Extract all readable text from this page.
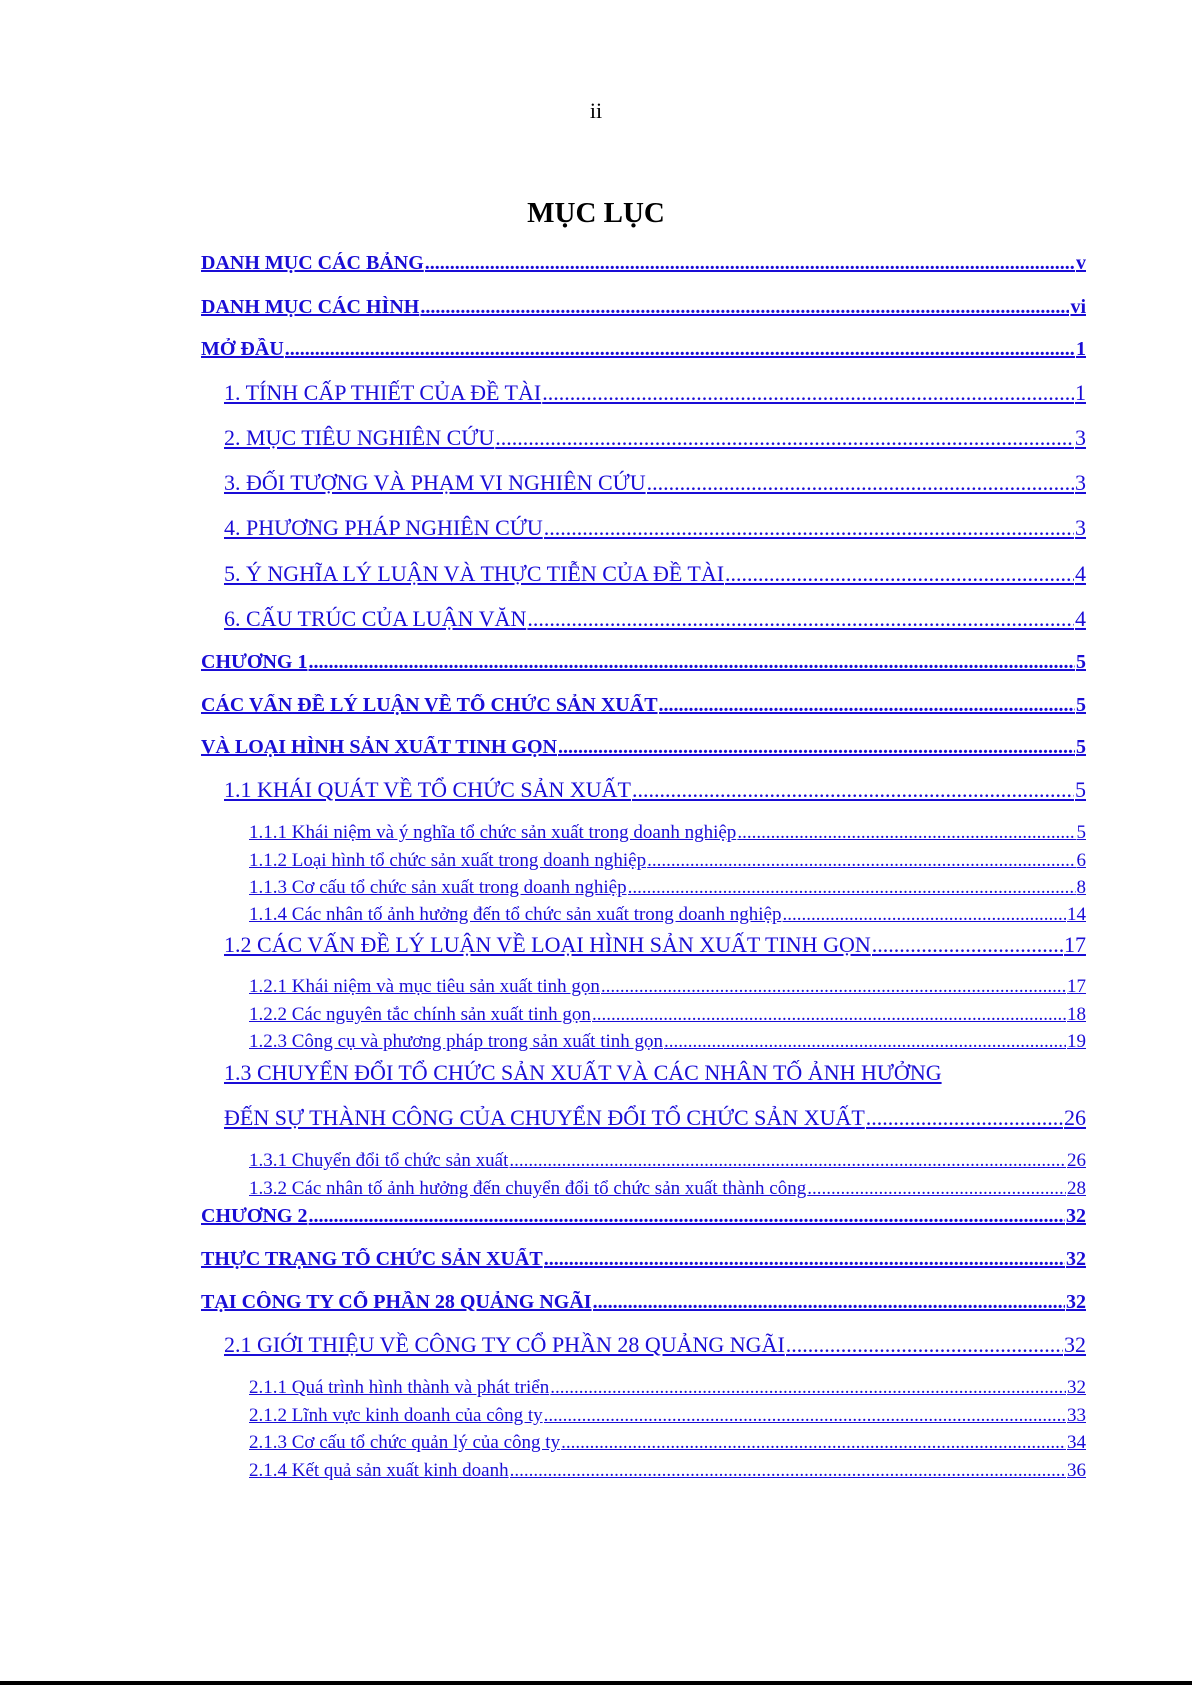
ii
MỤC LỤC
DANH MỤC CÁC BẢNG .....	v
DANH MỤC CÁC HÌNH .....	vi
MỞ ĐẦU .....	1
1. TÍNH CẤP THIẾT CỦA ĐỀ TÀI .....	1
2. MỤC TIÊU NGHIÊN CỨU .....	3
3. ĐỐI TƯỢNG VÀ PHẠM VI NGHIÊN CỨU .....	3
4. PHƯƠNG PHÁP NGHIÊN CỨU .....	3
5. Ý NGHĨA LÝ LUẬN VÀ THỰC TIỄN CỦA ĐỀ TÀI .....	4
6. CẤU TRÚC CỦA LUẬN VĂN .....	4
CHƯƠNG 1 .....	5
CÁC VẤN ĐỀ LÝ LUẬN VỀ TỔ CHỨC SẢN XUẤT .....	5
VÀ LOẠI HÌNH SẢN XUẤT TINH GỌN .....	5
1.1 KHÁI QUÁT VỀ TỔ CHỨC SẢN XUẤT .....	5
1.1.1 Khái niệm và ý nghĩa tổ chức sản xuất trong doanh nghiệp .....	5
1.1.2 Loại hình tổ chức sản xuất trong doanh nghiệp .....	6
1.1.3 Cơ cấu tổ chức sản xuất trong doanh nghiệp .....	8
1.1.4 Các nhân tố ảnh hưởng đến tổ chức sản xuất trong doanh nghiệp .....	14
1.2 CÁC VẤN ĐỀ LÝ LUẬN VỀ LOẠI HÌNH SẢN XUẤT TINH GỌN .....	17
1.2.1 Khái niệm và mục tiêu sản xuất tinh gọn .....	17
1.2.2 Các nguyên tắc chính sản xuất tinh gọn .....	18
1.2.3 Công cụ và phương pháp trong sản xuất tinh gọn .....	19
1.3 CHUYỂN ĐỔI TỔ CHỨC SẢN XUẤT VÀ CÁC NHÂN TỐ ẢNH HƯỞNG
ĐẾN SỰ THÀNH CÔNG CỦA CHUYỂN ĐỔI TỔ CHỨC SẢN XUẤT .....	26
1.3.1 Chuyển đổi tổ chức sản xuất .....	26
1.3.2 Các nhân tố ảnh hưởng đến chuyển đổi tổ chức sản xuất thành công .....	28
CHƯƠNG 2 .....	32
THỰC TRẠNG TỔ CHỨC SẢN XUẤT .....	32
TẠI CÔNG TY CỔ PHẦN 28 QUẢNG NGÃI .....	32
2.1 GIỚI THIỆU VỀ CÔNG TY CỔ PHẦN 28 QUẢNG NGÃI .....	32
2.1.1 Quá trình hình thành và phát triển .....	32
2.1.2 Lĩnh vực kinh doanh của công ty .....	33
2.1.3 Cơ cấu tổ chức quản lý của công ty .....	34
2.1.4 Kết quả sản xuất kinh doanh .....	36
